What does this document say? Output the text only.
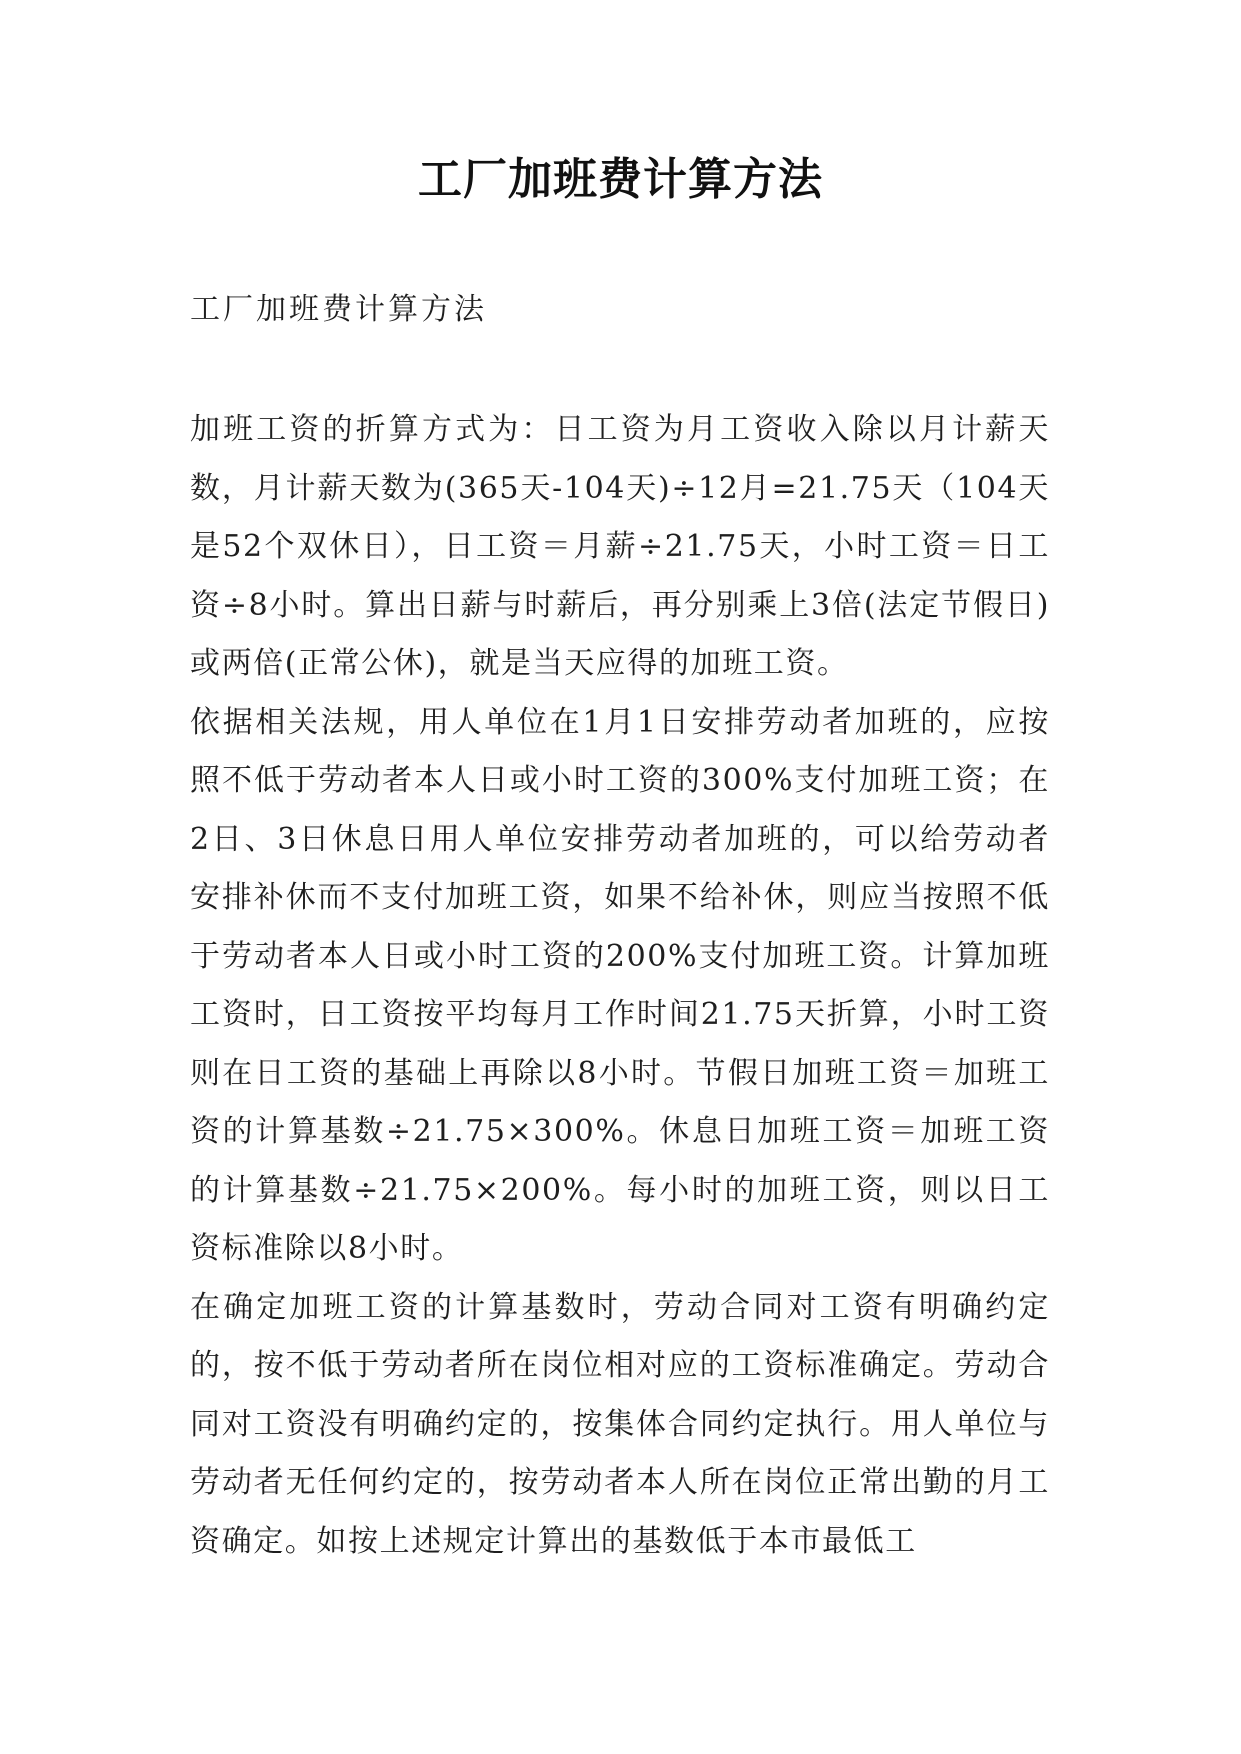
工厂加班费计算方法
工厂加班费计算方法

加班工资的折算方式为：日工资为月工资收入除以月计薪天数，月计薪天数为(365天-104天)÷12月=21.75天（104天是52个双休日），日工资＝月薪÷21.75天，小时工资＝日工资÷8小时。算出日薪与时薪后，再分别乘上3倍(法定节假日)或两倍(正常公休)，就是当天应得的加班工资。

依据相关法规，用人单位在1月1日安排劳动者加班的，应按照不低于劳动者本人日或小时工资的300%支付加班工资；在2日、3日休息日用人单位安排劳动者加班的，可以给劳动者安排补休而不支付加班工资，如果不给补休，则应当按照不低于劳动者本人日或小时工资的200%支付加班工资。计算加班工资时，日工资按平均每月工作时间21.75天折算，小时工资则在日工资的基础上再除以8小时。节假日加班工资＝加班工资的计算基数÷21.75×300%。休息日加班工资＝加班工资的计算基数÷21.75×200%。每小时的加班工资，则以日工资标准除以8小时。

在确定加班工资的计算基数时，劳动合同对工资有明确约定的，按不低于劳动者所在岗位相对应的工资标准确定。劳动合同对工资没有明确约定的，按集体合同约定执行。用人单位与劳动者无任何约定的，按劳动者本人所在岗位正常出勤的月工资确定。如按上述规定计算出的基数低于本市最低工
